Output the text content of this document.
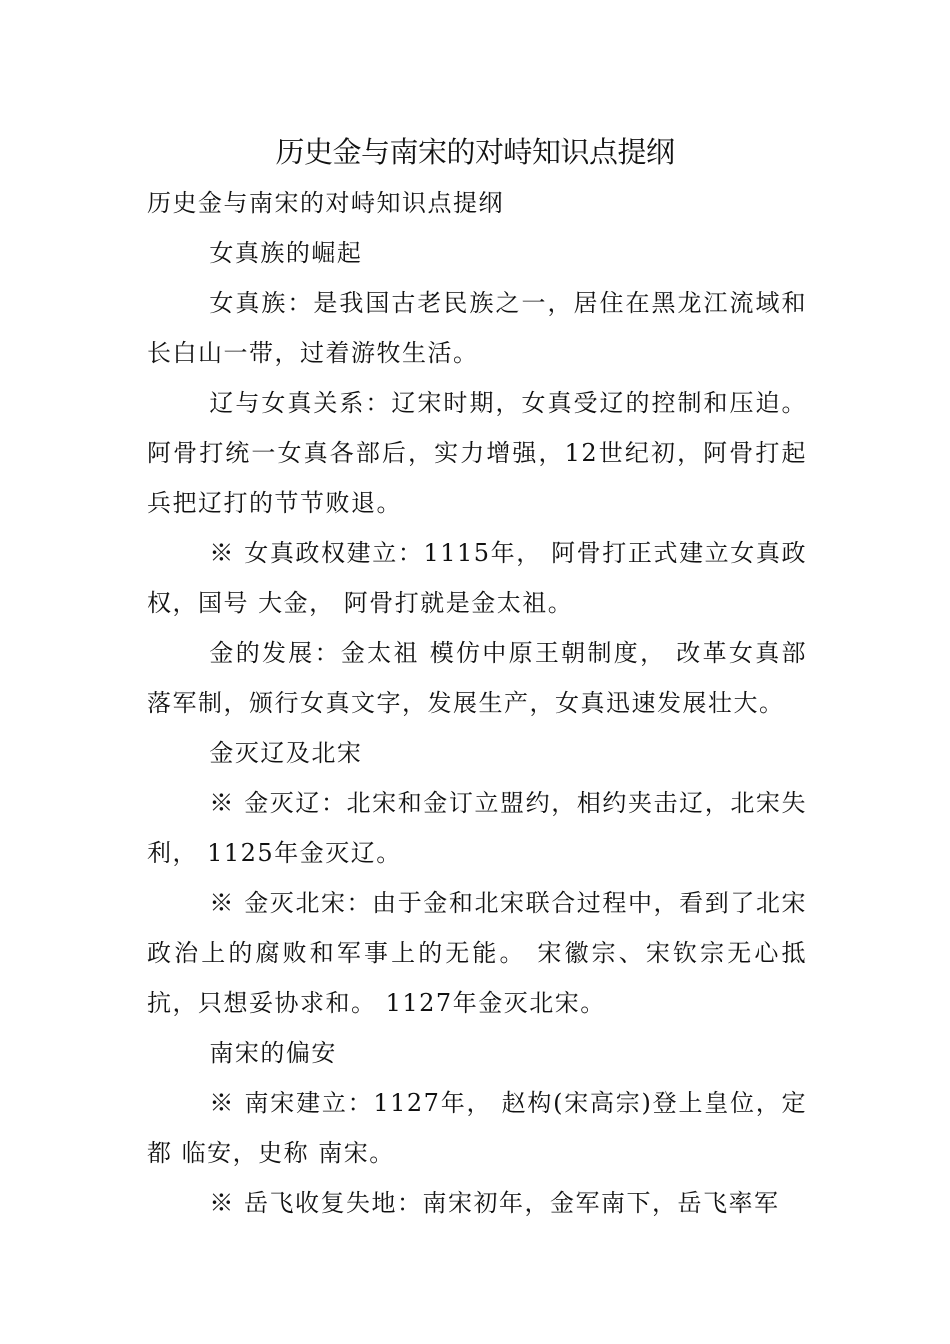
历史金与南宋的对峙知识点提纲

历史金与南宋的对峙知识点提纲

女真族的崛起

女真族：是我国古老民族之一，居住在黑龙江流域和长白山一带，过着游牧生活。

辽与女真关系：辽宋时期，女真受辽的控制和压迫。阿骨打统一女真各部后，实力增强，12世纪初，阿骨打起兵把辽打的节节败退。

※ 女真政权建立：1115年， 阿骨打正式建立女真政权，国号 大金， 阿骨打就是金太祖。

金的发展：金太祖 模仿中原王朝制度， 改革女真部落军制，颁行女真文字，发展生产，女真迅速发展壮大。

金灭辽及北宋

※ 金灭辽：北宋和金订立盟约，相约夹击辽，北宋失利， 1125年金灭辽。

※ 金灭北宋：由于金和北宋联合过程中，看到了北宋政治上的腐败和军事上的无能。 宋徽宗、宋钦宗无心抵抗，只想妥协求和。 1127年金灭北宋。

南宋的偏安

※ 南宋建立：1127年， 赵构(宋高宗)登上皇位，定都 临安，史称 南宋。

※ 岳飞收复失地：南宋初年，金军南下，岳飞率军
